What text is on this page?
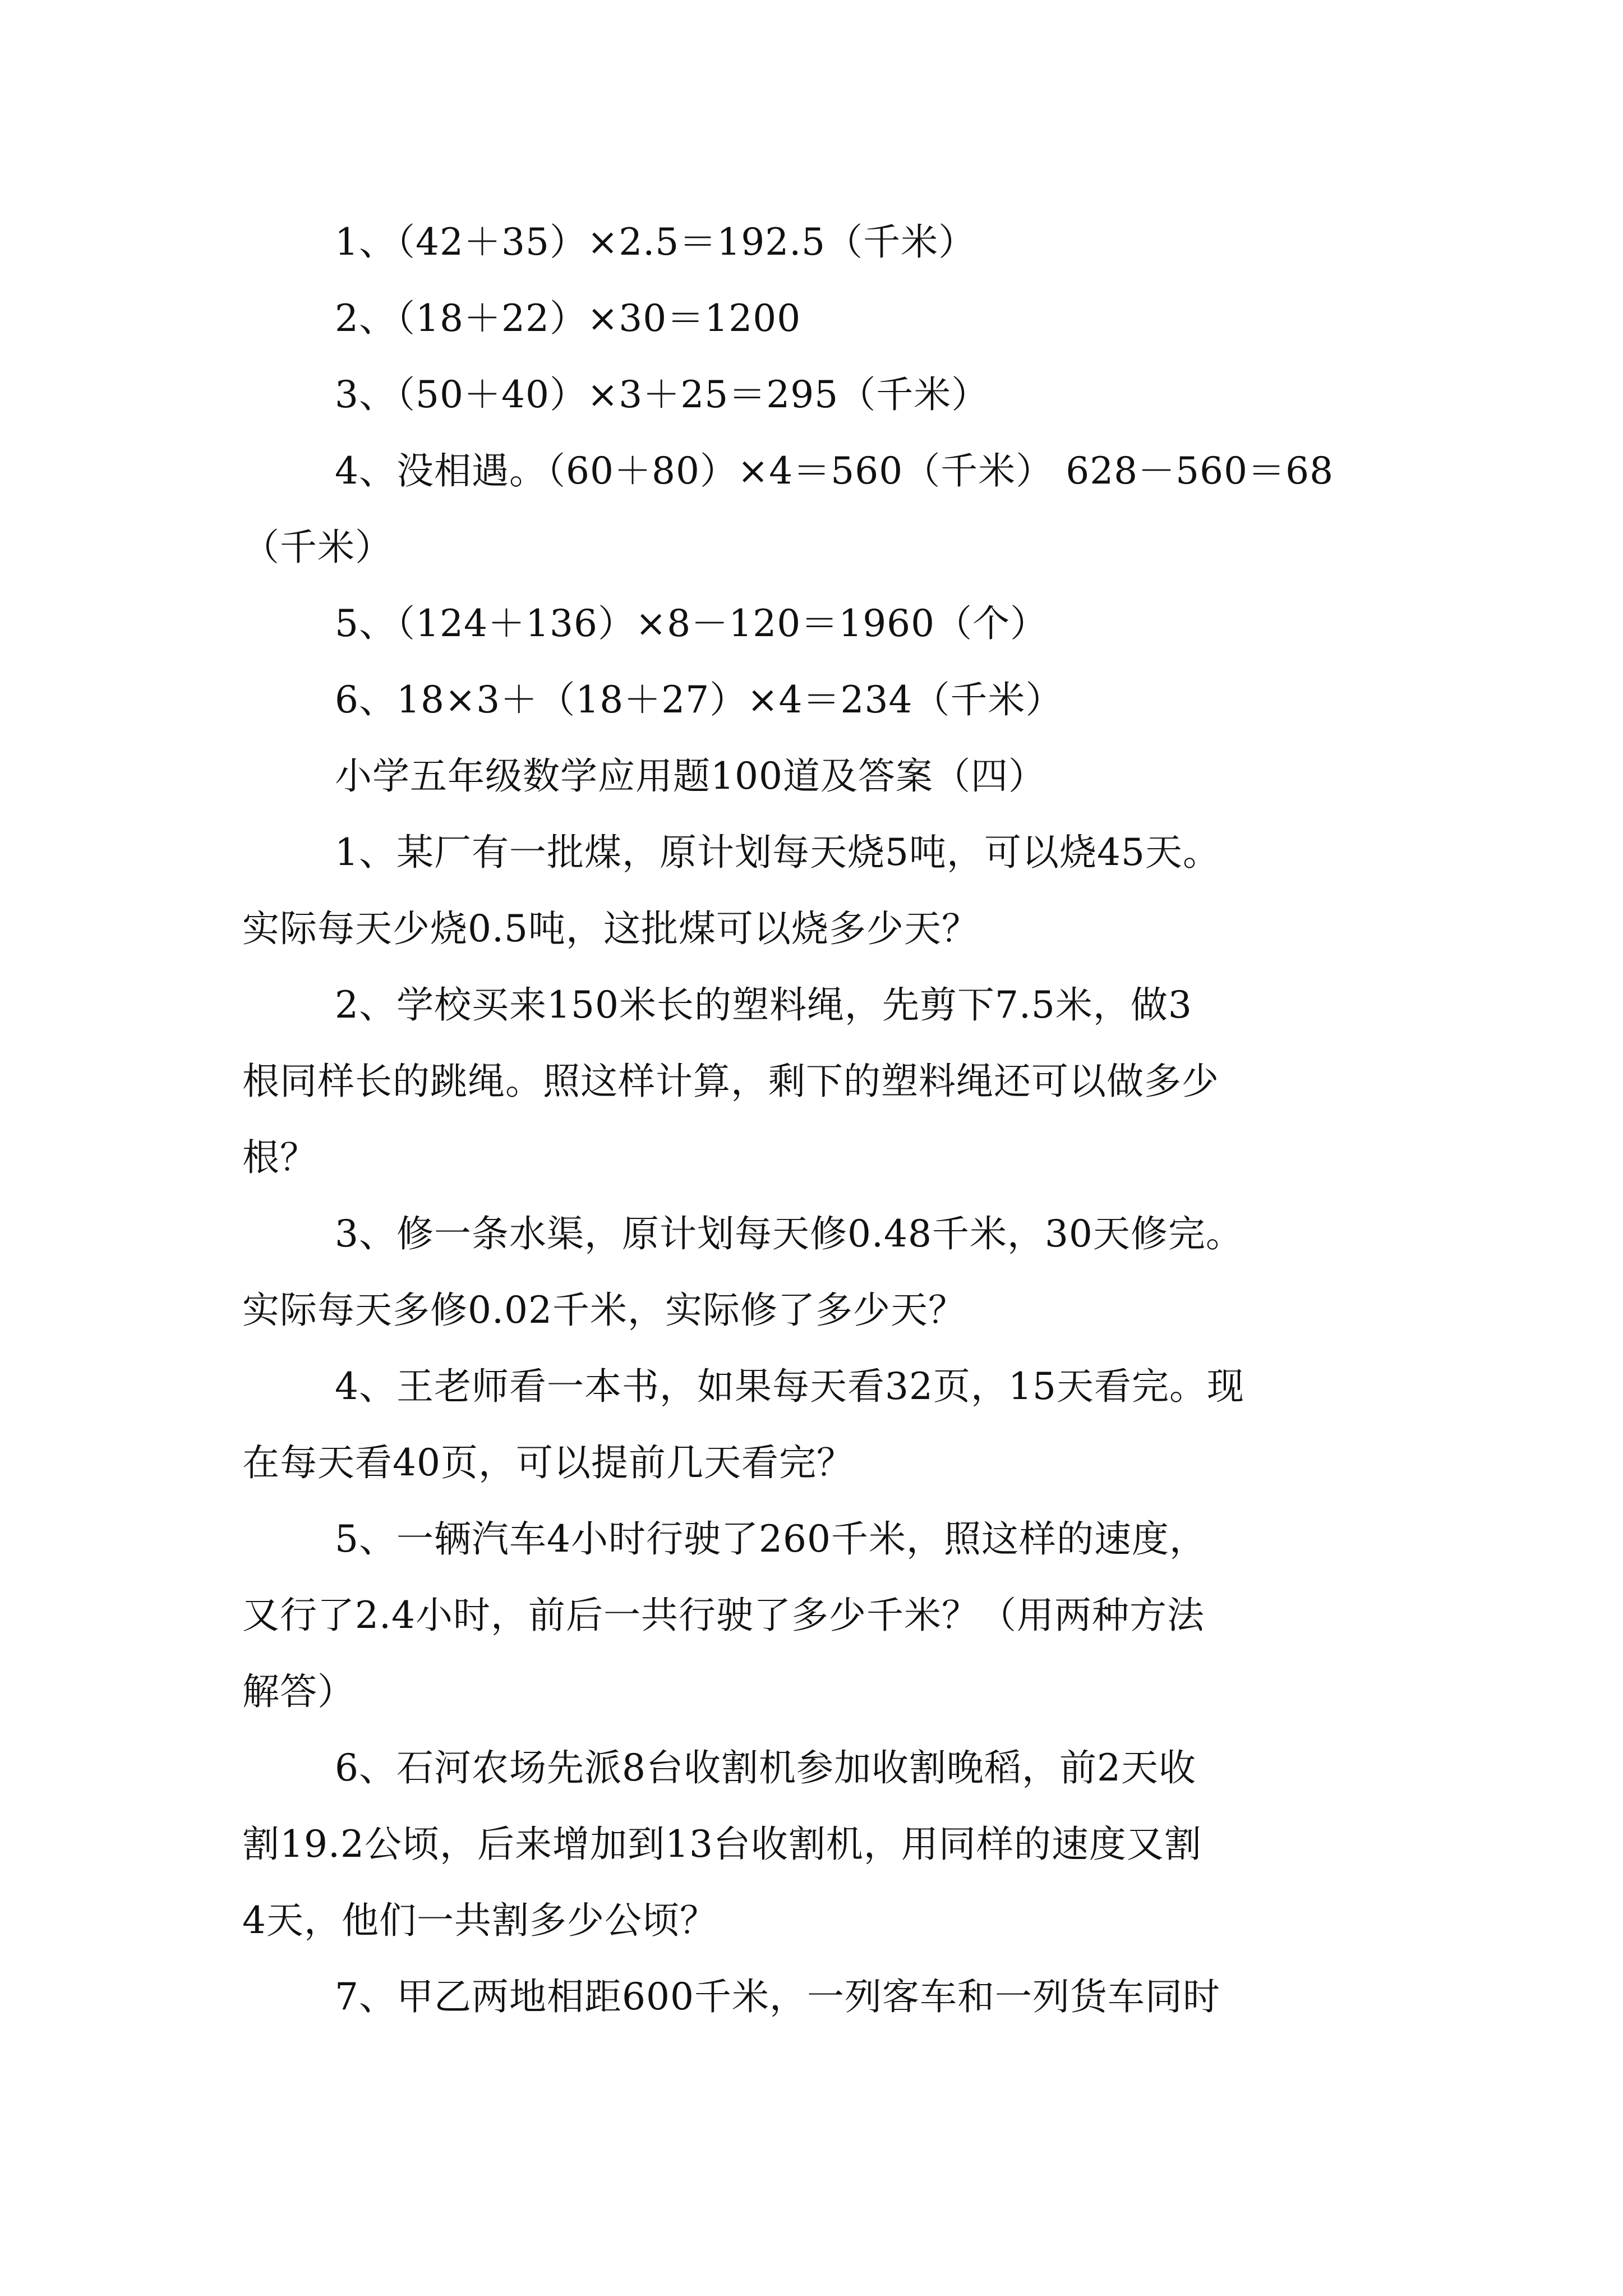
1、（42＋35）×2.5＝192.5（千米）
2、（18＋22）×30＝1200
3、（50＋40）×3＋25＝295（千米）
4、没相遇。（60＋80）×4＝560（千米） 628－560＝68
（千米）
5、（124＋136）×8－120＝1960（个）
6、18×3＋（18＋27）×4＝234（千米）
小学五年级数学应用题100道及答案（四）
1、某厂有一批煤，原计划每天烧5吨，可以烧45天。
实际每天少烧0.5吨，这批煤可以烧多少天？
2、学校买来150米长的塑料绳，先剪下7.5米，做3
根同样长的跳绳。照这样计算，剩下的塑料绳还可以做多少
根？
3、修一条水渠，原计划每天修0.48千米，30天修完。
实际每天多修0.02千米，实际修了多少天？
4、王老师看一本书，如果每天看32页，15天看完。现
在每天看40页，可以提前几天看完？
5、一辆汽车4小时行驶了260千米，照这样的速度，
又行了2.4小时，前后一共行驶了多少千米？（用两种方法
解答）
6、石河农场先派8台收割机参加收割晚稻，前2天收
割19.2公顷，后来增加到13台收割机，用同样的速度又割
4天，他们一共割多少公顷？
7、甲乙两地相距600千米，一列客车和一列货车同时
